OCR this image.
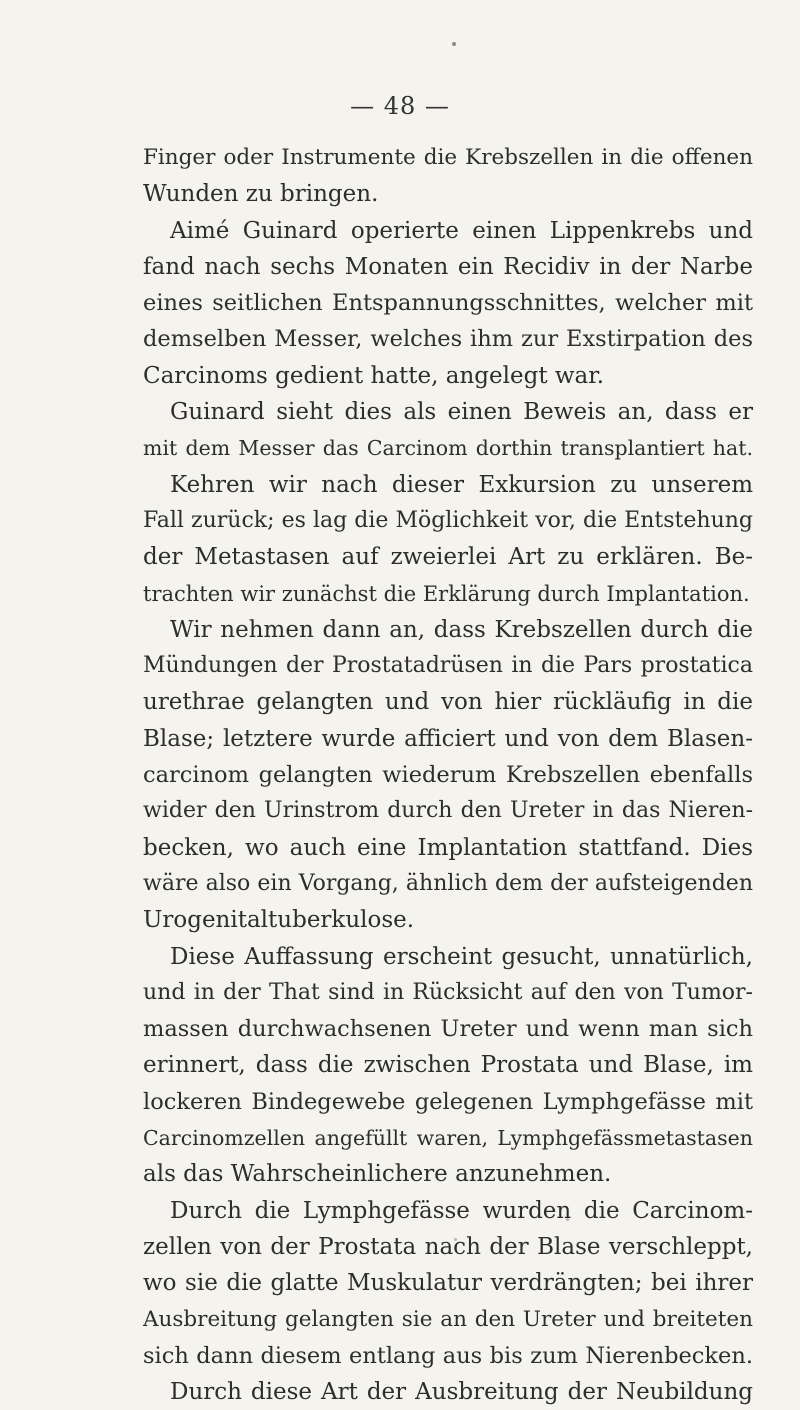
— 48 —
Finger oder Instrumente die Krebszellen in die offenen
Wunden zu bringen.
Aimé Guinard operierte einen Lippenkrebs und
fand nach sechs Monaten ein Recidiv in der Narbe
eines seitlichen Entspannungsschnittes, welcher mit
demselben Messer, welches ihm zur Exstirpation des
Carcinoms gedient hatte, angelegt war.
Guinard sieht dies als einen Beweis an, dass er
mit dem Messer das Carcinom dorthin transplantiert hat.
Kehren wir nach dieser Exkursion zu unserem
Fall zurück; es lag die Möglichkeit vor, die Entstehung
der Metastasen auf zweierlei Art zu erklären. Be-
trachten wir zunächst die Erklärung durch Implantation.
Wir nehmen dann an, dass Krebszellen durch die
Mündungen der Prostatadrüsen in die Pars prostatica
urethrae gelangten und von hier rückläufig in die
Blase; letztere wurde afficiert und von dem Blasen-
carcinom gelangten wiederum Krebszellen ebenfalls
wider den Urinstrom durch den Ureter in das Nieren-
becken, wo auch eine Implantation stattfand. Dies
wäre also ein Vorgang, ähnlich dem der aufsteigenden
Urogenitaltuberkulose.
Diese Auffassung erscheint gesucht, unnatürlich,
und in der That sind in Rücksicht auf den von Tumor-
massen durchwachsenen Ureter und wenn man sich
erinnert, dass die zwischen Prostata und Blase, im
lockeren Bindegewebe gelegenen Lymphgefässe mit
Carcinomzellen angefüllt waren, Lymphgefässmetastasen
als das Wahrscheinlichere anzunehmen.
Durch die Lymphgefässe wurden die Carcinom-
zellen von der Prostata nach der Blase verschleppt,
wo sie die glatte Muskulatur verdrängten; bei ihrer
Ausbreitung gelangten sie an den Ureter und breiteten
sich dann diesem entlang aus bis zum Nierenbecken.
Durch diese Art der Ausbreitung der Neubildung
